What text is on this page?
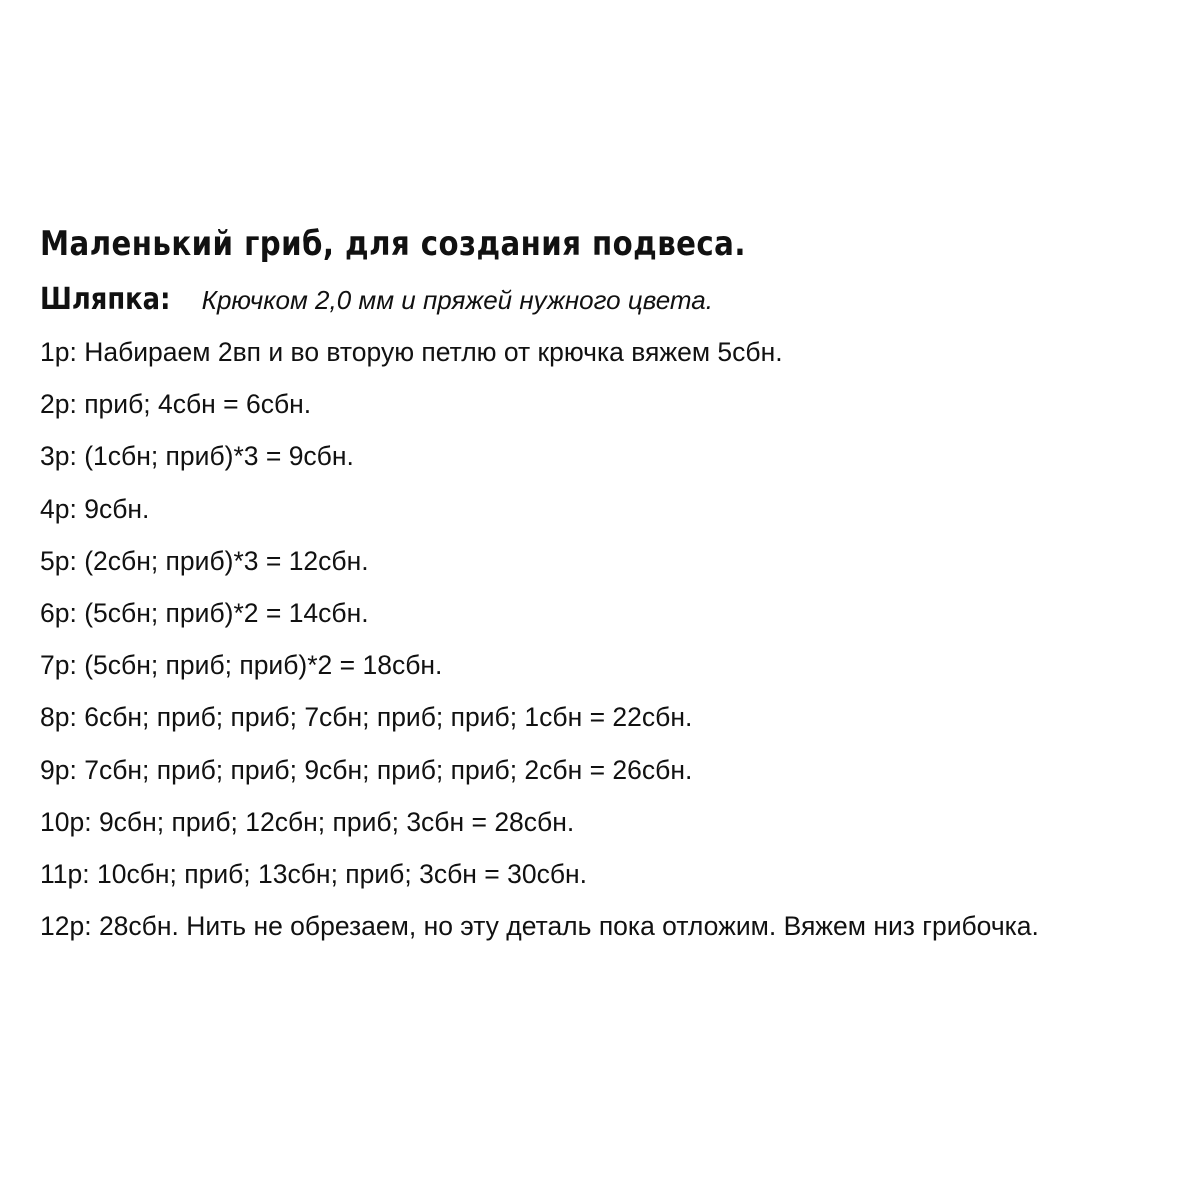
Маленький гриб, для создания подвеса.
Шляпка: Крючком 2,0 мм и пряжей нужного цвета.
1р: Набираем 2вп и во вторую петлю от крючка вяжем 5сбн.
2р: приб; 4сбн = 6сбн.
3р: (1сбн; приб)*3 = 9сбн.
4р: 9сбн.
5р: (2сбн; приб)*3 = 12сбн.
6р: (5сбн; приб)*2 = 14сбн.
7р: (5сбн; приб; приб)*2 = 18сбн.
8р: 6сбн; приб; приб; 7сбн; приб; приб; 1сбн = 22сбн.
9р: 7сбн; приб; приб; 9сбн; приб; приб; 2сбн = 26сбн.
10р: 9сбн; приб; 12сбн; приб; 3сбн = 28сбн.
11р: 10сбн; приб; 13сбн; приб; 3сбн = 30сбн.
12р: 28сбн. Нить не обрезаем, но эту деталь пока отложим. Вяжем низ грибочка.
